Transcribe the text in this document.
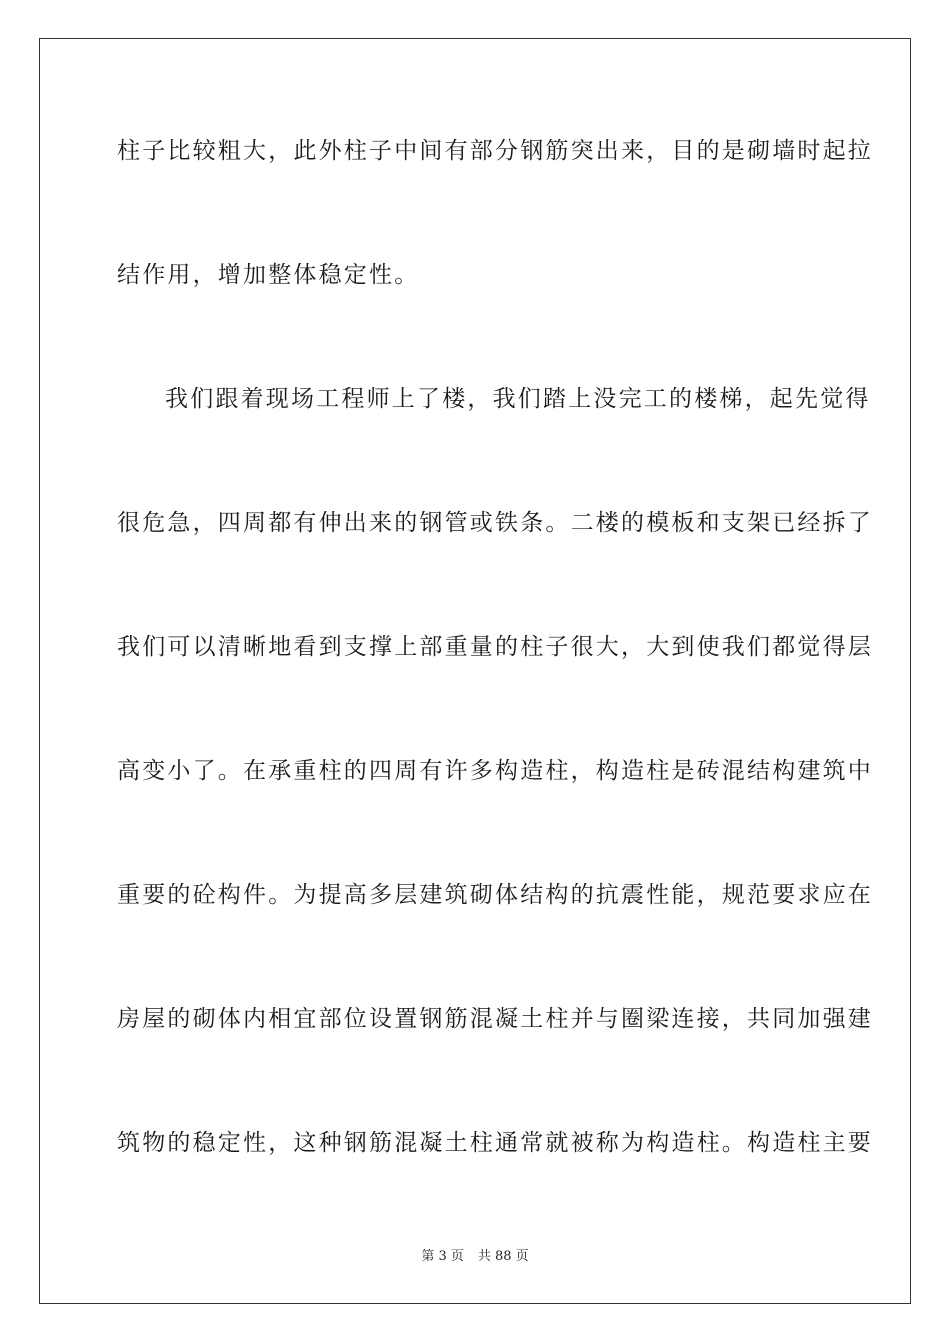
柱子比较粗大，此外柱子中间有部分钢筋突出来，目的是砌墙时起拉
结作用，增加整体稳定性。
我们跟着现场工程师上了楼，我们踏上没完工的楼梯，起先觉得
很危急，四周都有伸出来的钢管或铁条。二楼的模板和支架已经拆了
我们可以清晰地看到支撑上部重量的柱子很大，大到使我们都觉得层
高变小了。在承重柱的四周有许多构造柱，构造柱是砖混结构建筑中
重要的砼构件。为提高多层建筑砌体结构的抗震性能，规范要求应在
房屋的砌体内相宜部位设置钢筋混凝土柱并与圈梁连接，共同加强建
筑物的稳定性，这种钢筋混凝土柱通常就被称为构造柱。构造柱主要
第 3 页 共 88 页
